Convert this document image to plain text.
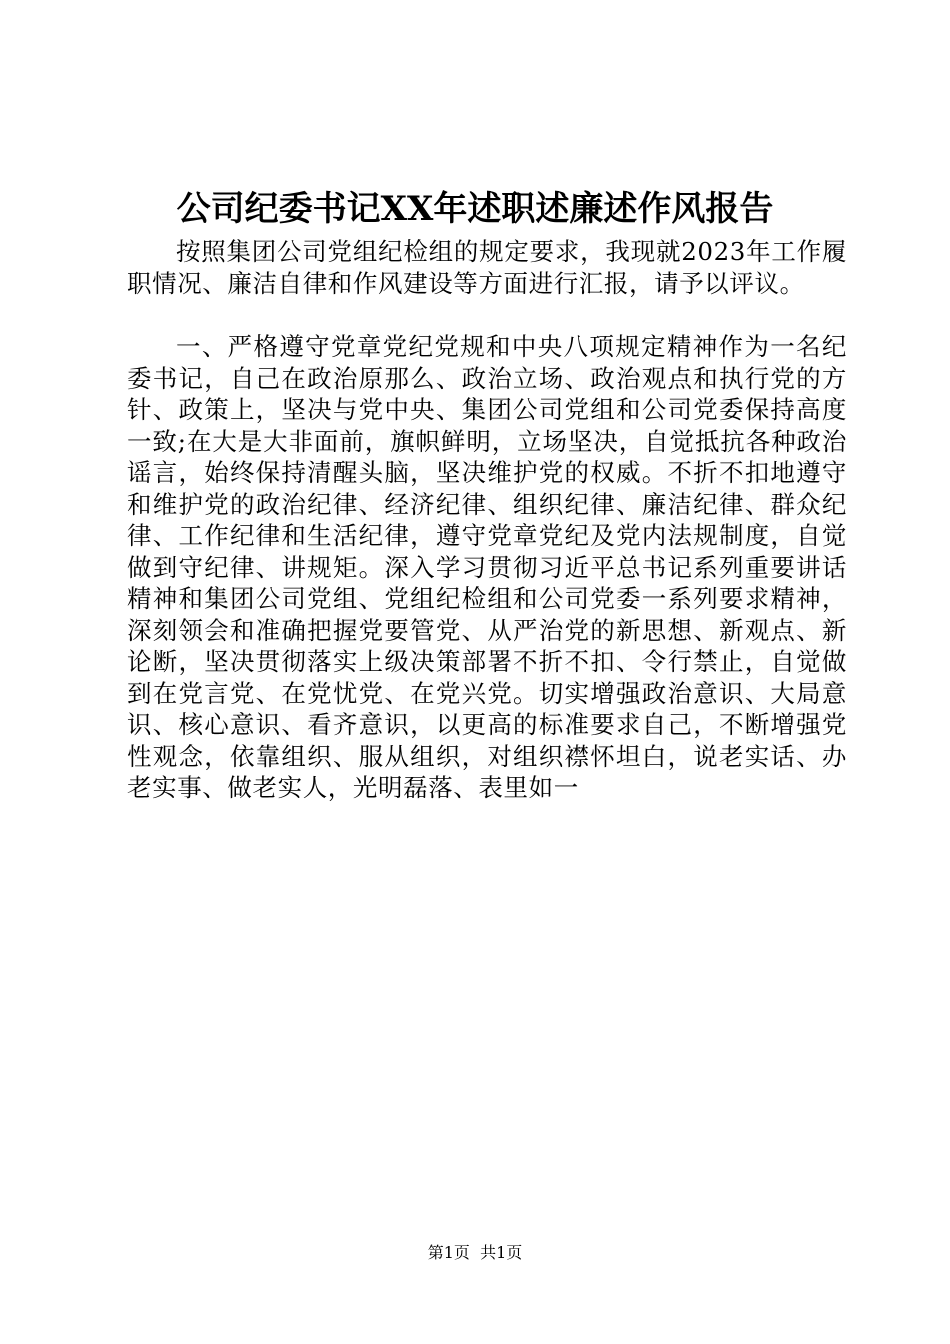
公司纪委书记XX年述职述廉述作风报告

按照集团公司党组纪检组的规定要求，我现就2023年工作履职情况、廉洁自律和作风建设等方面进行汇报，请予以评议。

一、严格遵守党章党纪党规和中央八项规定精神作为一名纪委书记，自己在政治原那么、政治立场、政治观点和执行党的方针、政策上，坚决与党中央、集团公司党组和公司党委保持高度一致;在大是大非面前，旗帜鲜明，立场坚决，自觉抵抗各种政治谣言，始终保持清醒头脑，坚决维护党的权威。不折不扣地遵守和维护党的政治纪律、经济纪律、组织纪律、廉洁纪律、群众纪律、工作纪律和生活纪律，遵守党章党纪及党内法规制度，自觉做到守纪律、讲规矩。深入学习贯彻习近平总书记系列重要讲话精神和集团公司党组、党组纪检组和公司党委一系列要求精神，深刻领会和准确把握党要管党、从严治党的新思想、新观点、新论断，坚决贯彻落实上级决策部署不折不扣、令行禁止，自觉做到在党言党、在党忧党、在党兴党。切实增强政治意识、大局意识、核心意识、看齐意识，以更高的标准要求自己，不断增强党性观念，依靠组织、服从组织，对组织襟怀坦白，说老实话、办老实事、做老实人，光明磊落、表里如一

第1页  共1页
